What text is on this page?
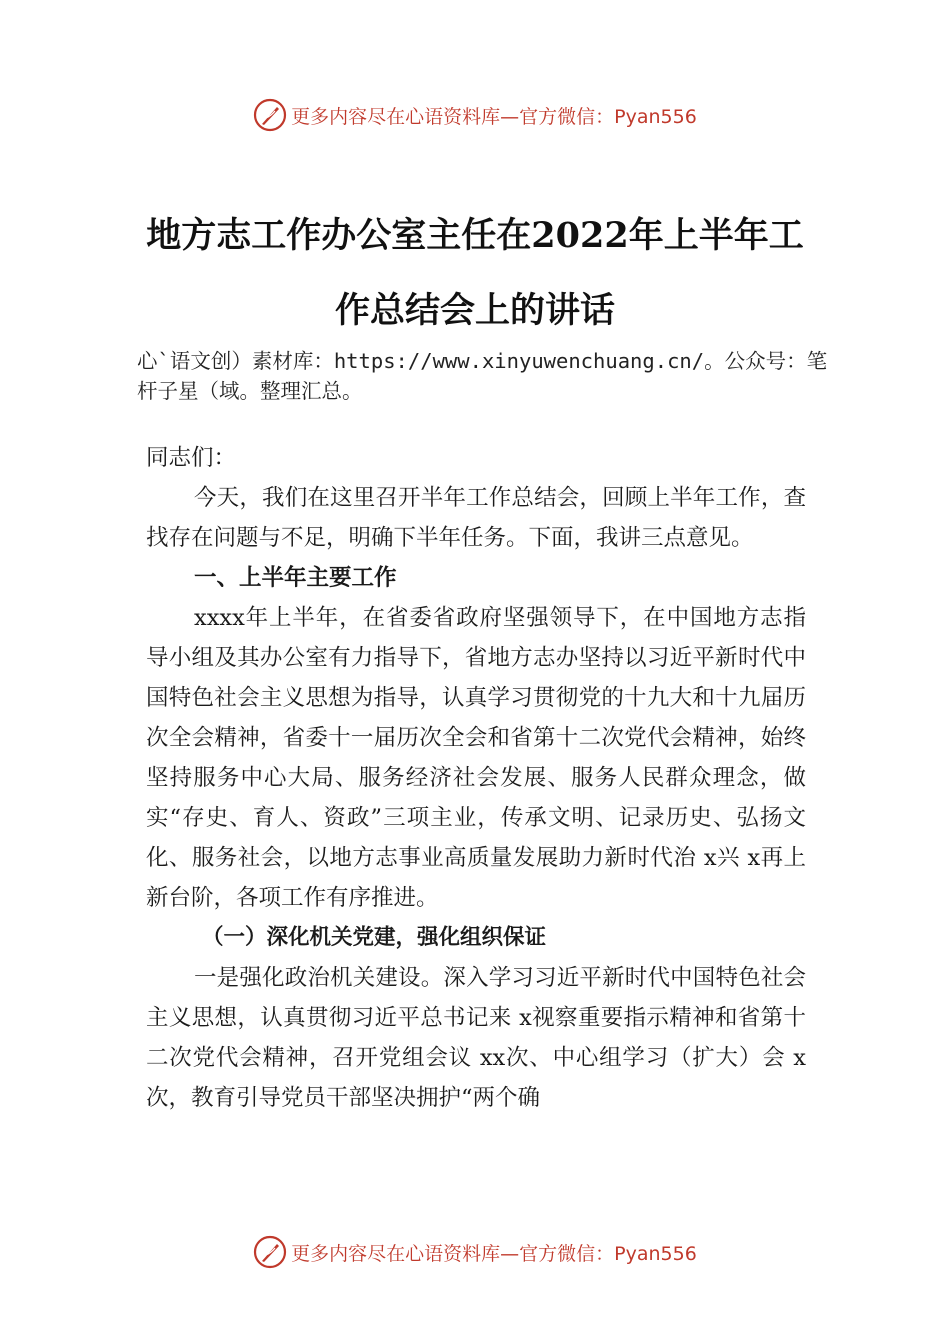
更多内容尽在心语资料库—官方微信：Pyan556
地方志工作办公室主任在2022年上半年工
作总结会上的讲话
心`语文创）素材库：https://www.xinyuwenchuang.cn/。公众号：笔杆子星（域。整理汇总。

同志们：

今天，我们在这里召开半年工作总结会，回顾上半年工作，查找存在问题与不足，明确下半年任务。下面，我讲三点意见。

一、上半年主要工作

xxxx年上半年，在省委省政府坚强领导下，在中国地方志指导小组及其办公室有力指导下，省地方志办坚持以习近平新时代中国特色社会主义思想为指导，认真学习贯彻党的十九大和十九届历次全会精神，省委十一届历次全会和省第十二次党代会精神，始终坚持服务中心大局、服务经济社会发展、服务人民群众理念，做实“存史、育人、资政”三项主业，传承文明、记录历史、弘扬文化、服务社会，以地方志事业高质量发展助力新时代治 x兴 x再上新台阶，各项工作有序推进。

（一）深化机关党建，强化组织保证

一是强化政治机关建设。深入学习习近平新时代中国特色社会主义思想，认真贯彻习近平总书记来 x视察重要指示精神和省第十二次党代会精神，召开党组会议 xx次、中心组学习（扩大）会 x次，教育引导党员干部坚决拥护“两个确

更多内容尽在心语资料库—官方微信：Pyan556
